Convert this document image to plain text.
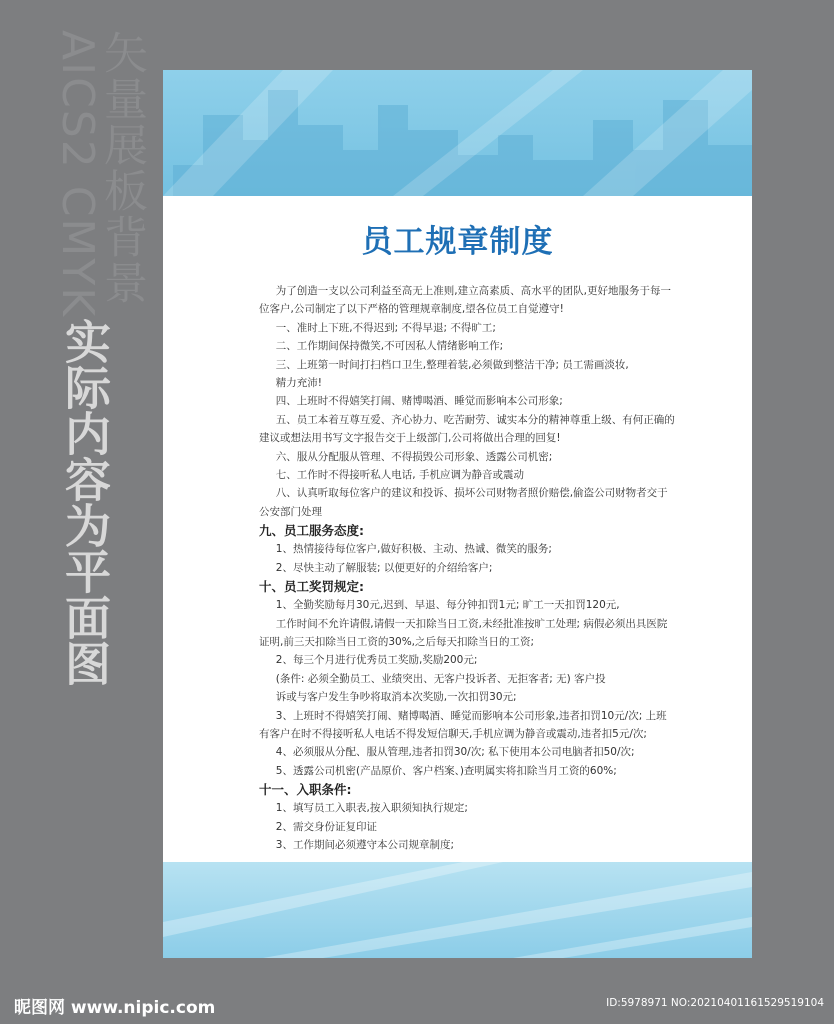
矢量展板背景
AICS2 CMYK
实际内容为平面图
员工规章制度

为了创造一支以公司利益至高无上准则,建立高素质、高水平的团队,更好地服务于每一

位客户,公司制定了以下严格的管理规章制度,望各位员工自觉遵守!

一、准时上下班,不得迟到; 不得早退; 不得旷工;

二、工作期间保持微笑,不可因私人情绪影响工作;

三、上班第一时间打扫档口卫生,整理着装,必须做到整洁干净; 员工需画淡妆,

精力充沛!

四、上班时不得嬉笑打闹、赌博喝酒、睡觉而影响本公司形象;

五、员工本着互尊互爱、齐心协力、吃苦耐劳、诚实本分的精神尊重上级、有何正确的

建议或想法用书写文字报告交于上级部门,公司将做出合理的回复!

六、服从分配服从管理、不得损毁公司形象、透露公司机密;

七、工作时不得接听私人电话, 手机应调为静音或震动

八、认真听取每位客户的建议和投诉、损坏公司财物者照价赔偿,偷盗公司财物者交于

公安部门处理

九、员工服务态度:

1、热情接待每位客户,做好积极、主动、热诚、微笑的服务;

2、尽快主动了解服装; 以便更好的介绍给客户;

十、员工奖罚规定:

1、全勤奖励每月30元,迟到、早退、每分钟扣罚1元; 旷工一天扣罚120元,

工作时间不允许请假,请假一天扣除当日工资,未经批准按旷工处理; 病假必须出具医院

证明,前三天扣除当日工资的30%,之后每天扣除当日的工资;

2、每三个月进行优秀员工奖励,奖励200元;

(条件: 必须全勤员工、业绩突出、无客户投诉者、无拒客者; 无) 客户投

诉或与客户发生争吵将取消本次奖励,一次扣罚30元;

3、上班时不得嬉笑打闹、赌博喝酒、睡觉而影响本公司形象,违者扣罚10元/次; 上班

有客户在时不得接听私人电话不得发短信聊天,手机应调为静音或震动,违者扣5元/次;

4、必须服从分配、服从管理,违者扣罚30/次; 私下使用本公司电脑者扣50/次;

5、透露公司机密(产品原价、客户档案、)查明属实将扣除当月工资的60%;

十一、入职条件:

1、填写员工入职表,按入职须知执行规定;

2、需交身份证复印证

3、工作期间必须遵守本公司规章制度;

昵图网 www.nipic.com	ID:5978971 NO:20210401161529519104
